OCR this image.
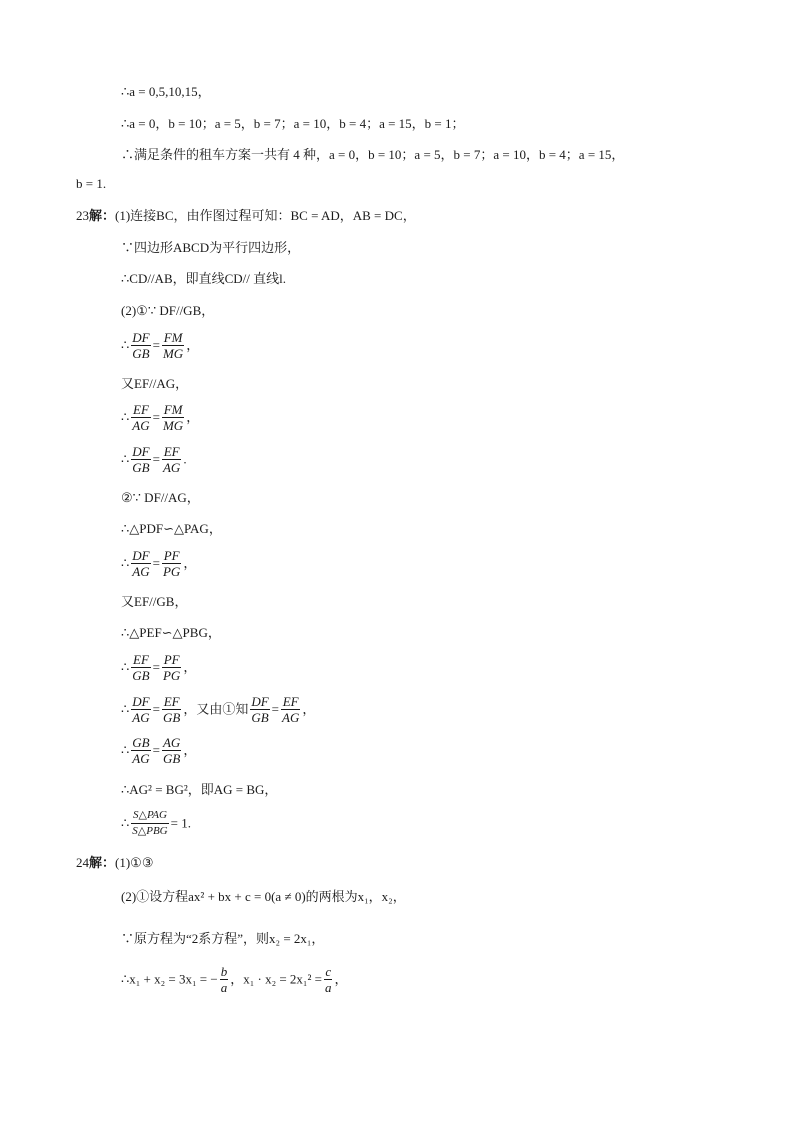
∴a = 0,5,10,15，
∴a = 0，b = 10；a = 5，b = 7；a = 10，b = 4；a = 15，b = 1；
∴满足条件的租车方案一共有 4 种，a = 0，b = 10；a = 5，b = 7；a = 10，b = 4；a = 15，
b = 1.
23解：(1)连接BC，由作图过程可知：BC = AD，AB = DC，
∵四边形ABCD为平行四边形，
∴CD//AB，即直线CD// 直线l.
(2)①∵ DF//GB，
∴ $\frac{DF}{GB} = \frac{FM}{MG}$ ，
又EF//AG，
∴ $\frac{EF}{AG} = \frac{FM}{MG}$ ，
∴ $\frac{DF}{GB} = \frac{EF}{AG}$ .
②∵ DF//AG，
∴△PDF∽△PAG，
∴ $\frac{DF}{AG} = \frac{PF}{PG}$ ，
又EF//GB，
∴△PEF∽△PBG，
∴ $\frac{EF}{GB} = \frac{PF}{PG}$ ，
∴ $\frac{DF}{AG} = \frac{EF}{GB}$ ，又由①知 $\frac{DF}{GB} = \frac{EF}{AG}$ ，
∴ $\frac{GB}{AG} = \frac{AG}{GB}$ ，
∴AG² = BG²，即AG = BG，
∴ $\frac{\text{S△PAG}}{\text{S△PBG}} = 1$.
24解：(1)①③
(2)①设方程ax² + bx + c = 0(a ≠ 0)的两根为x₁，x₂，
∵原方程为“2系方程”，则x₂ = 2x₁，
∴x₁ + x₂ = 3x₁ = − $\frac{b}{a}$ ，$x_1 \cdot x_2 = 2x_1^2 = \frac{c}{a}$ ，
